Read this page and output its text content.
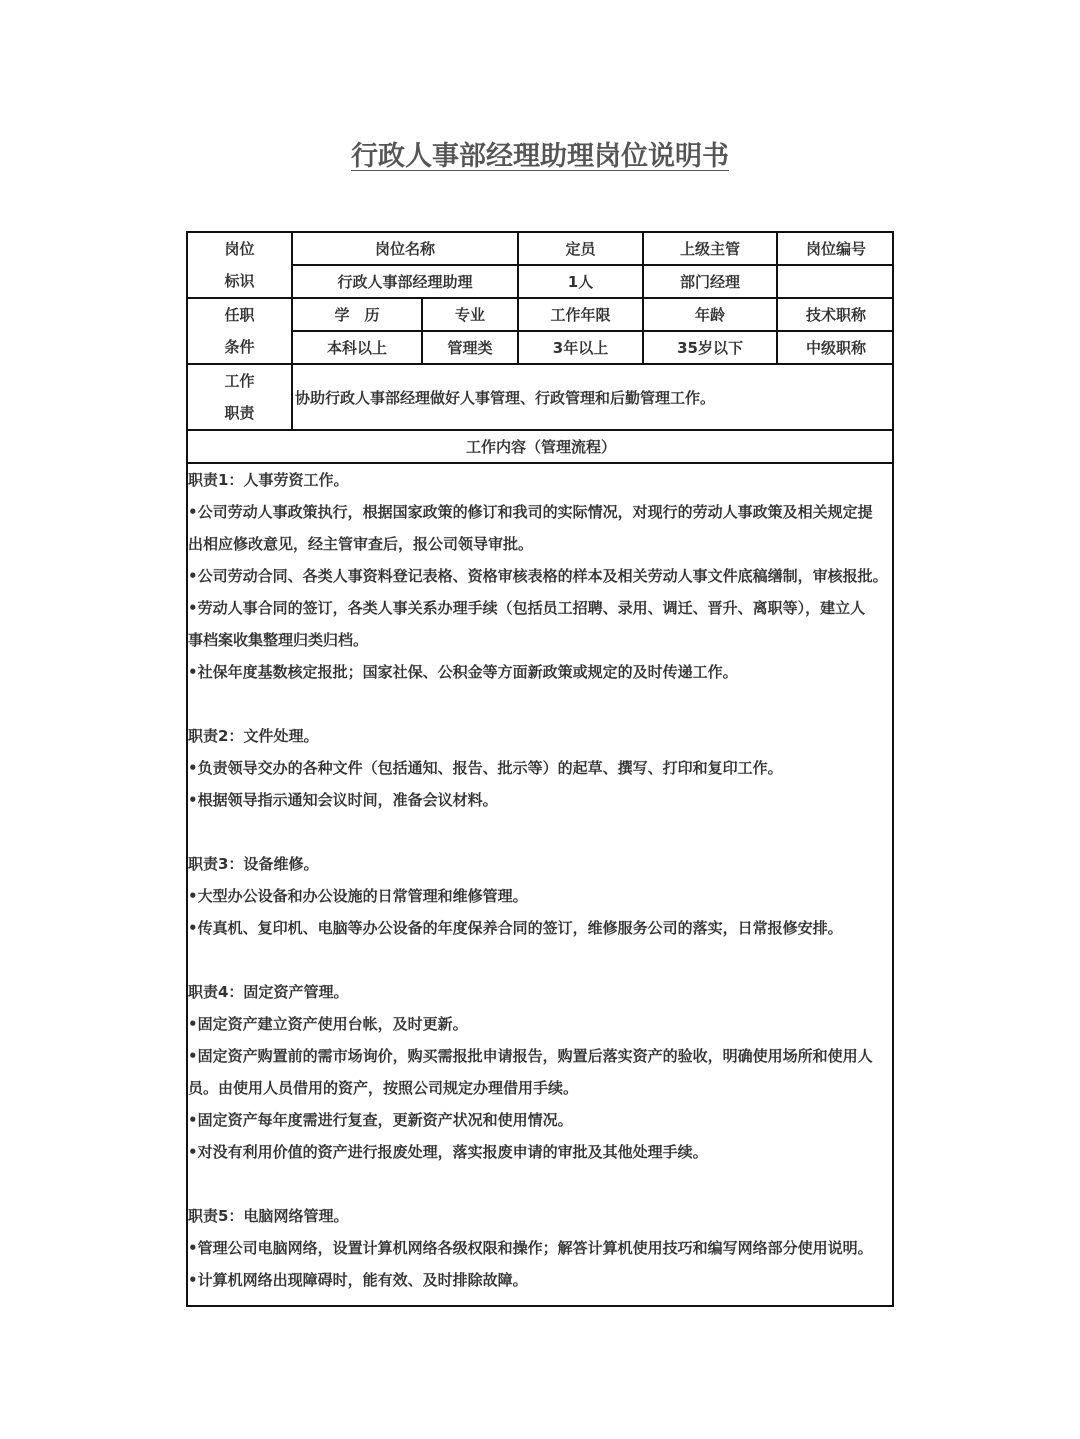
行政人事部经理助理岗位说明书
岗位
标识	岗位名称		定员	上级主管	岗位编号
	行政人事部经理助理		1人	部门经理	

任职
条件	学　历	专业	工作年限	年龄	技术职称
	本科以上	管理类	3年以上	35岁以下	中级职称

工作
职责	协助行政人事部经理做好人事管理、行政管理和后勤管理工作。				
工作内容（管理流程）					
职责1：人事劳资工作。
•公司劳动人事政策执行，根据国家政策的修订和我司的实际情况，对现行的劳动人事政策及相关规定提
出相应修改意见，经主管审查后，报公司领导审批。
•公司劳动合同、各类人事资料登记表格、资格审核表格的样本及相关劳动人事文件底稿缮制，审核报批。
•劳动人事合同的签订，各类人事关系办理手续（包括员工招聘、录用、调迁、晋升、离职等），建立人
事档案收集整理归类归档。
•社保年度基数核定报批；国家社保、公积金等方面新政策或规定的及时传递工作。
职责2：文件处理。
•负责领导交办的各种文件（包括通知、报告、批示等）的起草、撰写、打印和复印工作。
•根据领导指示通知会议时间，准备会议材料。
职责3：设备维修。
•大型办公设备和办公设施的日常管理和维修管理。
•传真机、复印机、电脑等办公设备的年度保养合同的签订，维修服务公司的落实，日常报修安排。
职责4：固定资产管理。
•固定资产建立资产使用台帐，及时更新。
•固定资产购置前的需市场询价，购买需报批申请报告，购置后落实资产的验收，明确使用场所和使用人
员。由使用人员借用的资产，按照公司规定办理借用手续。
•固定资产每年度需进行复查，更新资产状况和使用情况。
•对没有利用价值的资产进行报废处理，落实报废申请的审批及其他处理手续。
职责5：电脑网络管理。
•管理公司电脑网络，设置计算机网络各级权限和操作；解答计算机使用技巧和编写网络部分使用说明。
•计算机网络出现障碍时，能有效、及时排除故障。
